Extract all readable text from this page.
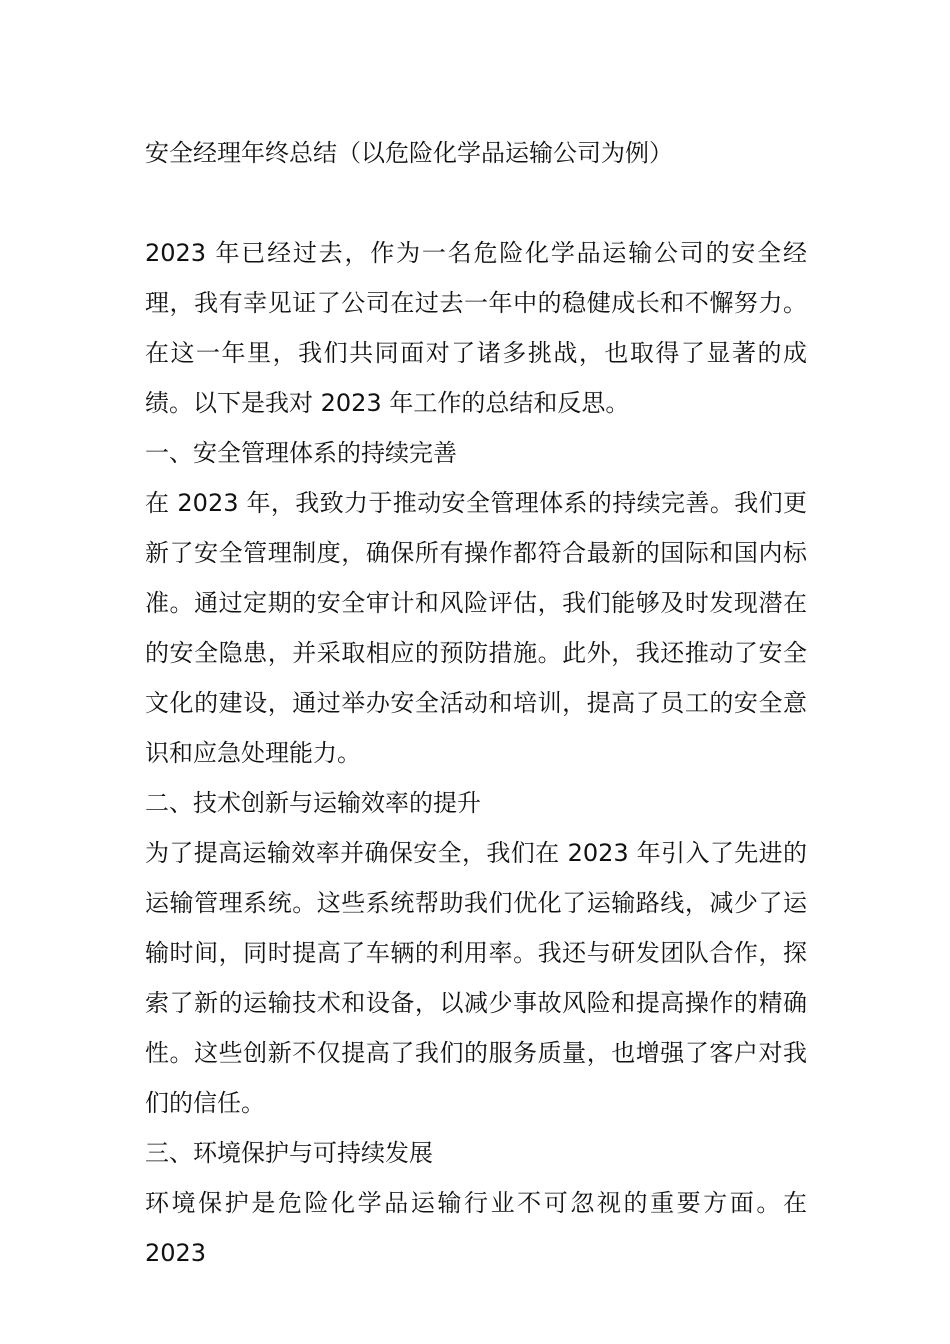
安全经理年终总结（以危险化学品运输公司为例）

2023 年已经过去，作为一名危险化学品运输公司的安全经理，我有幸见证了公司在过去一年中的稳健成长和不懈努力。在这一年里，我们共同面对了诸多挑战，也取得了显著的成绩。以下是我对 2023 年工作的总结和反思。

一、安全管理体系的持续完善

在 2023 年，我致力于推动安全管理体系的持续完善。我们更新了安全管理制度，确保所有操作都符合最新的国际和国内标准。通过定期的安全审计和风险评估，我们能够及时发现潜在的安全隐患，并采取相应的预防措施。此外，我还推动了安全文化的建设，通过举办安全活动和培训，提高了员工的安全意识和应急处理能力。

二、技术创新与运输效率的提升

为了提高运输效率并确保安全，我们在 2023 年引入了先进的运输管理系统。这些系统帮助我们优化了运输路线，减少了运输时间，同时提高了车辆的利用率。我还与研发团队合作，探索了新的运输技术和设备，以减少事故风险和提高操作的精确性。这些创新不仅提高了我们的服务质量，也增强了客户对我们的信任。

三、环境保护与可持续发展

环境保护是危险化学品运输行业不可忽视的重要方面。在 2023
